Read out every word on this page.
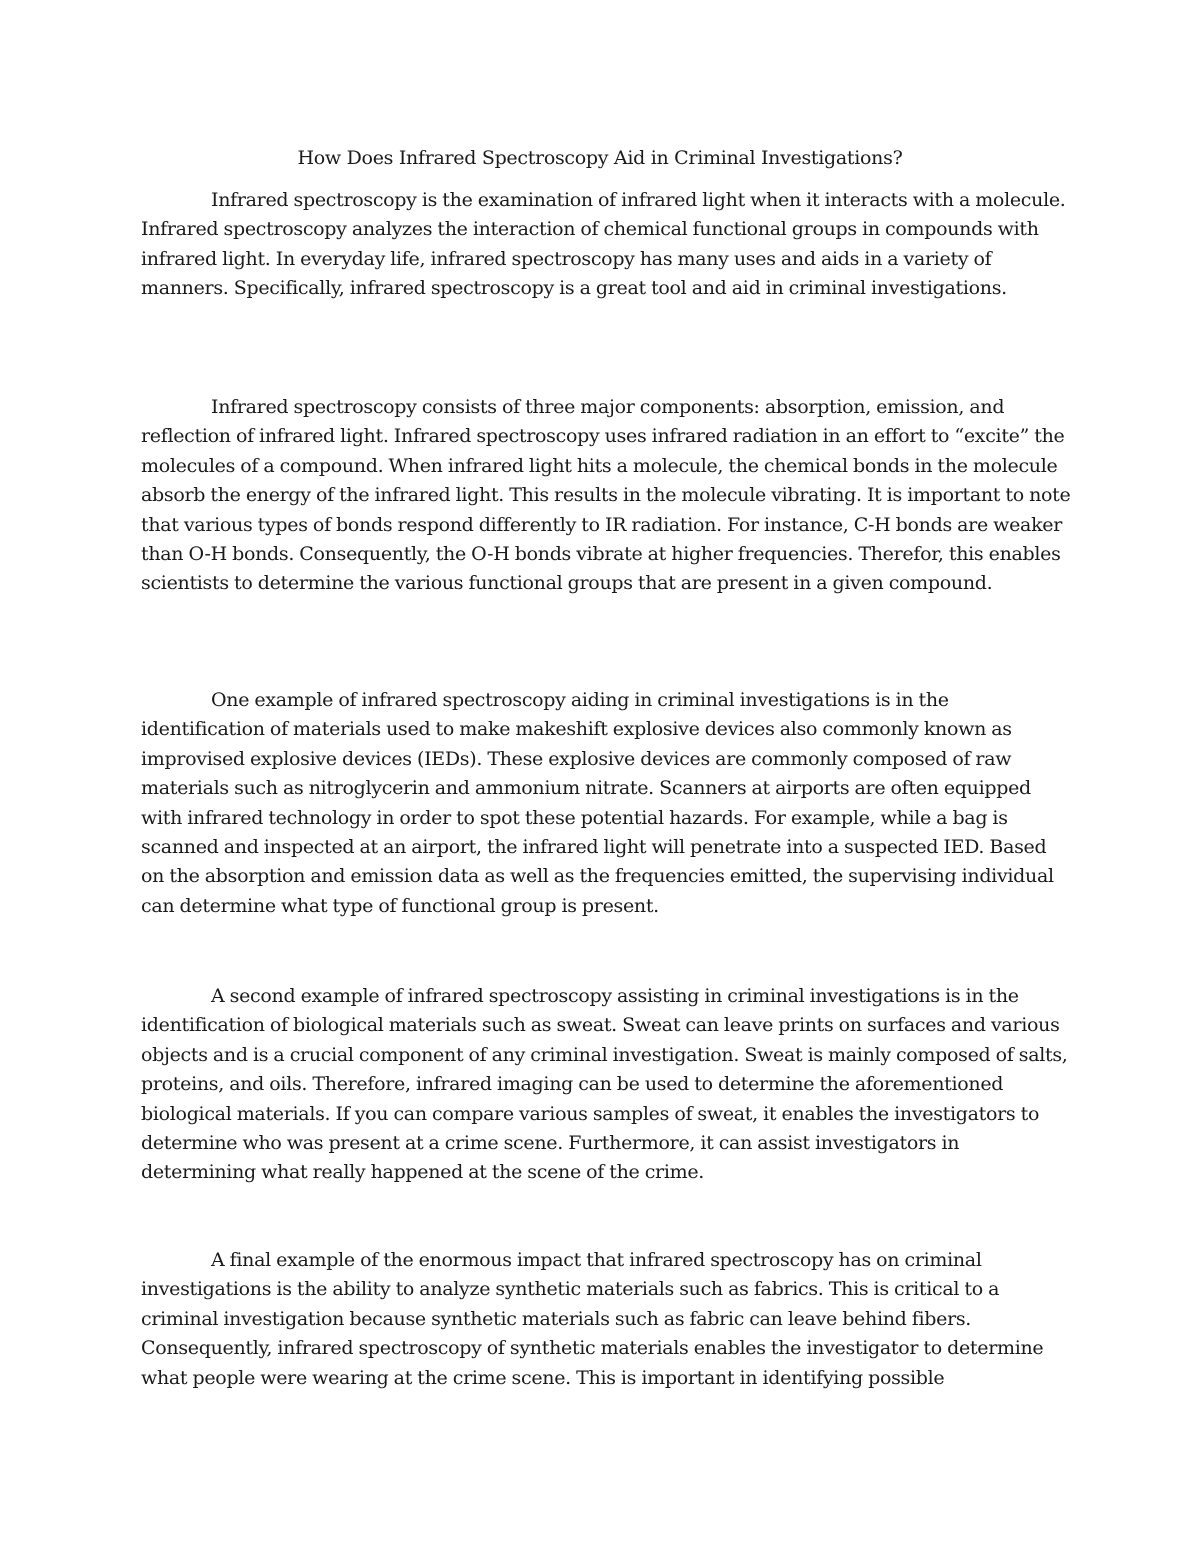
How Does Infrared Spectroscopy Aid in Criminal Investigations?

Infrared spectroscopy is the examination of infrared light when it interacts with a molecule. Infrared spectroscopy analyzes the interaction of chemical functional groups in compounds with infrared light. In everyday life, infrared spectroscopy has many uses and aids in a variety of manners. Specifically, infrared spectroscopy is a great tool and aid in criminal investigations.

Infrared spectroscopy consists of three major components: absorption, emission, and reflection of infrared light. Infrared spectroscopy uses infrared radiation in an effort to “excite” the molecules of a compound. When infrared light hits a molecule, the chemical bonds in the molecule absorb the energy of the infrared light. This results in the molecule vibrating. It is important to note that various types of bonds respond differently to IR radiation. For instance, C-H bonds are weaker than O-H bonds. Consequently, the O-H bonds vibrate at higher frequencies. Therefor, this enables scientists to determine the various functional groups that are present in a given compound.

One example of infrared spectroscopy aiding in criminal investigations is in the identification of materials used to make makeshift explosive devices also commonly known as improvised explosive devices (IEDs). These explosive devices are commonly composed of raw materials such as nitroglycerin and ammonium nitrate. Scanners at airports are often equipped with infrared technology in order to spot these potential hazards. For example, while a bag is scanned and inspected at an airport, the infrared light will penetrate into a suspected IED. Based on the absorption and emission data as well as the frequencies emitted, the supervising individual can determine what type of functional group is present.

A second example of infrared spectroscopy assisting in criminal investigations is in the identification of biological materials such as sweat. Sweat can leave prints on surfaces and various objects and is a crucial component of any criminal investigation. Sweat is mainly composed of salts, proteins, and oils. Therefore, infrared imaging can be used to determine the aforementioned biological materials. If you can compare various samples of sweat, it enables the investigators to determine who was present at a crime scene. Furthermore, it can assist investigators in determining what really happened at the scene of the crime.

A final example of the enormous impact that infrared spectroscopy has on criminal investigations is the ability to analyze synthetic materials such as fabrics. This is critical to a criminal investigation because synthetic materials such as fabric can leave behind fibers. Consequently, infrared spectroscopy of synthetic materials enables the investigator to determine what people were wearing at the crime scene. This is important in identifying possible
